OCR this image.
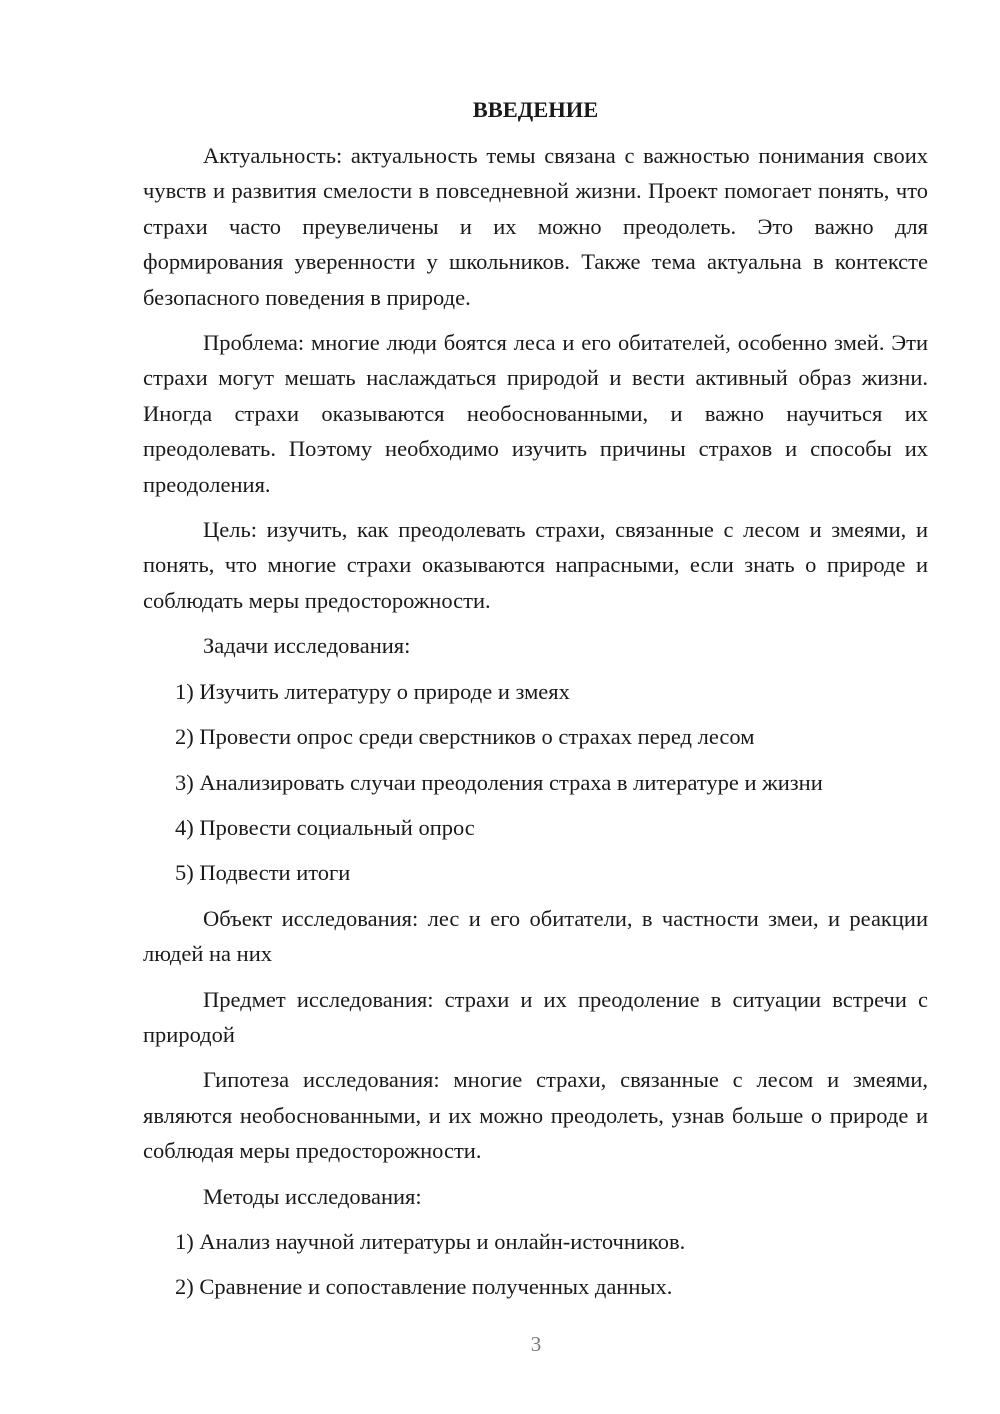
ВВЕДЕНИЕ

Актуальность: актуальность темы связана с важностью понимания своих чувств и развития смелости в повседневной жизни. Проект помогает понять, что страхи часто преувеличены и их можно преодолеть. Это важно для формирования уверенности у школьников. Также тема актуальна в контексте безопасного поведения в природе.

Проблема: многие люди боятся леса и его обитателей, особенно змей. Эти страхи могут мешать наслаждаться природой и вести активный образ жизни. Иногда страхи оказываются необоснованными, и важно научиться их преодолевать. Поэтому необходимо изучить причины страхов и способы их преодоления.

Цель: изучить, как преодолевать страхи, связанные с лесом и змеями, и понять, что многие страхи оказываются напрасными, если знать о природе и соблюдать меры предосторожности.

Задачи исследования:

1) Изучить литературу о природе и змеях

2) Провести опрос среди сверстников о страхах перед лесом

3) Анализировать случаи преодоления страха в литературе и жизни

4) Провести социальный опрос

5) Подвести итоги

Объект исследования: лес и его обитатели, в частности змеи, и реакции людей на них

Предмет исследования: страхи и их преодоление в ситуации встречи с природой

Гипотеза исследования: многие страхи, связанные с лесом и змеями, являются необоснованными, и их можно преодолеть, узнав больше о природе и соблюдая меры предосторожности.

Методы исследования:

1) Анализ научной литературы и онлайн-источников.

2) Сравнение и сопоставление полученных данных.

3
